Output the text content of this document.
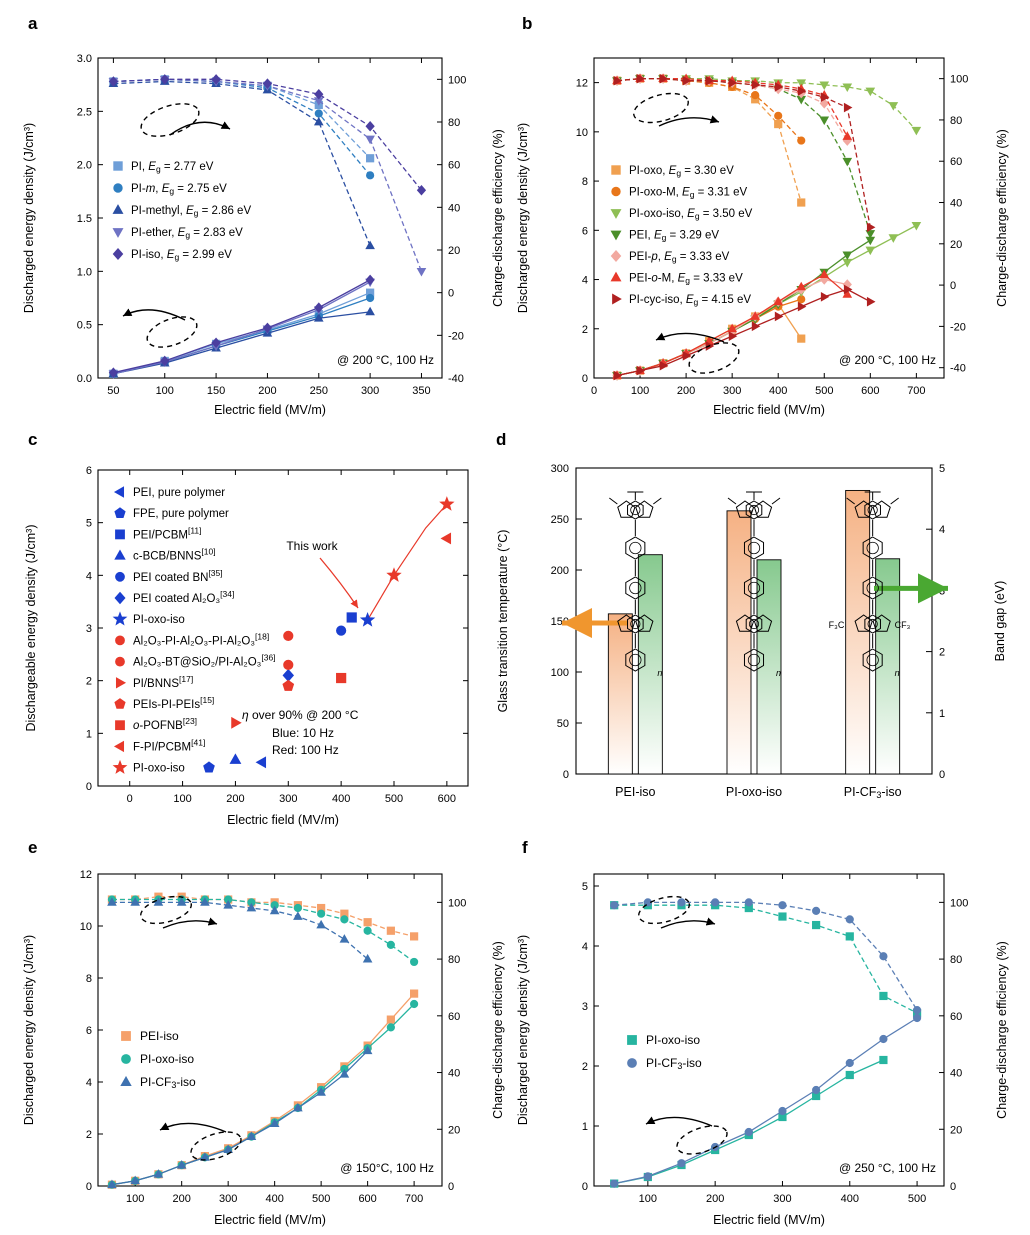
a	b
c	d
e	f
50	100	150	200	250	300	350
0.0
0.5
1.0
1.5
2.0
2.5
3.0
-40
-20
0
20
40
60
80
100
Electric field (MV/m)
Discharged energy density (J/cm³)	Charge-discharge efficiency (%)
@ 200 °C, 100 Hz
PI, Eg = 2.77 eV
PI-m, Eg = 2.75 eV
PI-methyl, Eg = 2.86 eV
PI-ether, Eg = 2.83 eV
PI-iso, Eg = 2.99 eV
0	100	200	300	400	500	600	700
0
2
4
6
8
10
12
-40
-20
0
20
40
60
80
100
Electric field (MV/m)
Discharged energy density (J/cm³)	Charge-discharge efficiency (%)
@ 200 °C, 100 Hz
PI-oxo, Eg = 3.30 eV
PI-oxo-M, Eg = 3.31 eV
PI-oxo-iso, Eg = 3.50 eV
PEI, Eg = 3.29 eV
PEI-p, Eg = 3.33 eV
PEI-o-M, Eg = 3.33 eV
PI-cyc-iso, Eg = 4.15 eV
0	100	200	300	400	500	600
0
1
2
3
4
5
6
Electric field (MV/m)
Dischargeable energy density (J/cm³)
PEI, pure polymer
FPE, pure polymer
PEI/PCBM[11]
c-BCB/BNNS[10]
PEI coated BN[35]
PEI coated Al₂O₃[34]
PI-oxo-iso
Al₂O₃-PI-Al₂O₃-PI-Al₂O₃[18]
Al₂O₃-BT@SiO₂/PI-Al₂O₃[36]
PI/BNNS[17]
PEIs-PI-PEIs[15]
o-POFNB[23]
F-PI/PCBM[41]
PI-oxo-iso
This work
η over 90% @ 200 °C
Blue: 10 Hz
Red: 100 Hz
0
50
100
150
200
250
300
0
1
2
3
4
5
Glass transition temperature (°C)	Band gap (eV)
PEI-iso	PI-oxo-iso	PI-CF3-iso
n	n	n
F₃C	CF₃
100	200	300	400	500	600	700
0
2
4
6
8
10
12
0
20
40
60
80
100
Electric field (MV/m)
Discharged energy density (J/cm³)	Charge-discharge efficiency (%)
@ 150°C, 100 Hz
PEI-iso
PI-oxo-iso
PI-CF3-iso
100	200	300	400	500
0
1
2
3
4
5
0
20
40
60
80
100
Electric field (MV/m)
Discharged energy density (J/cm³)	Charge-discharge efficiency (%)
@ 250 °C, 100 Hz
PI-oxo-iso
PI-CF3-iso
